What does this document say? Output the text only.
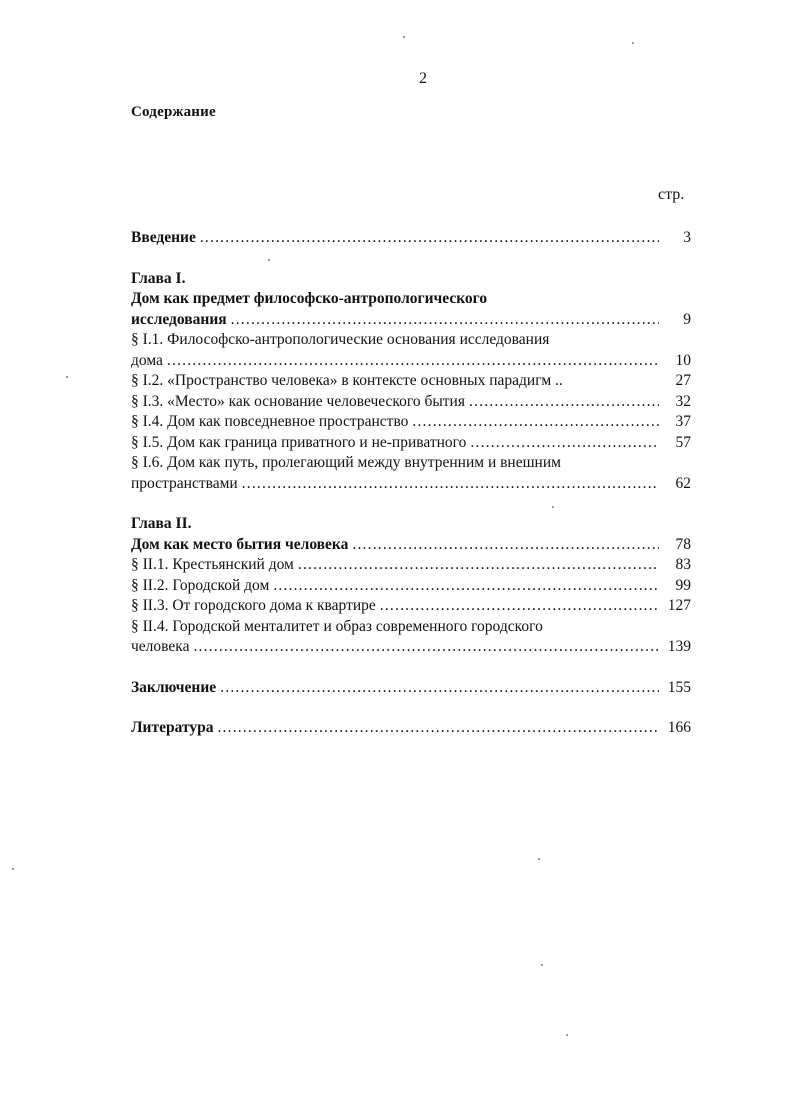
2
Содержание
стр.
Введение .....	3
Глава I.
Дом как предмет философско-антропологического
исследования .....	9
§ I.1. Философско-антропологические основания исследования
дома .....	10
§ I.2. «Пространство человека» в контексте основных парадигм ..	27
§ I.3. «Место» как основание человеческого бытия .....	32
§ I.4. Дом как повседневное пространство .....	37
§ I.5. Дом как граница приватного и не-приватного .....	57
§ I.6. Дом как путь, пролегающий между внутренним и внешним
пространствами .....	62
Глава II.
Дом как место бытия человека .....	78
§ II.1. Крестьянский дом .....	83
§ II.2. Городской дом .....	99
§ II.3. От городского дома к квартире .....	127
§ II.4. Городской менталитет и образ современного городского
человека .....	139
Заключение .....	155
Литература .....	166
